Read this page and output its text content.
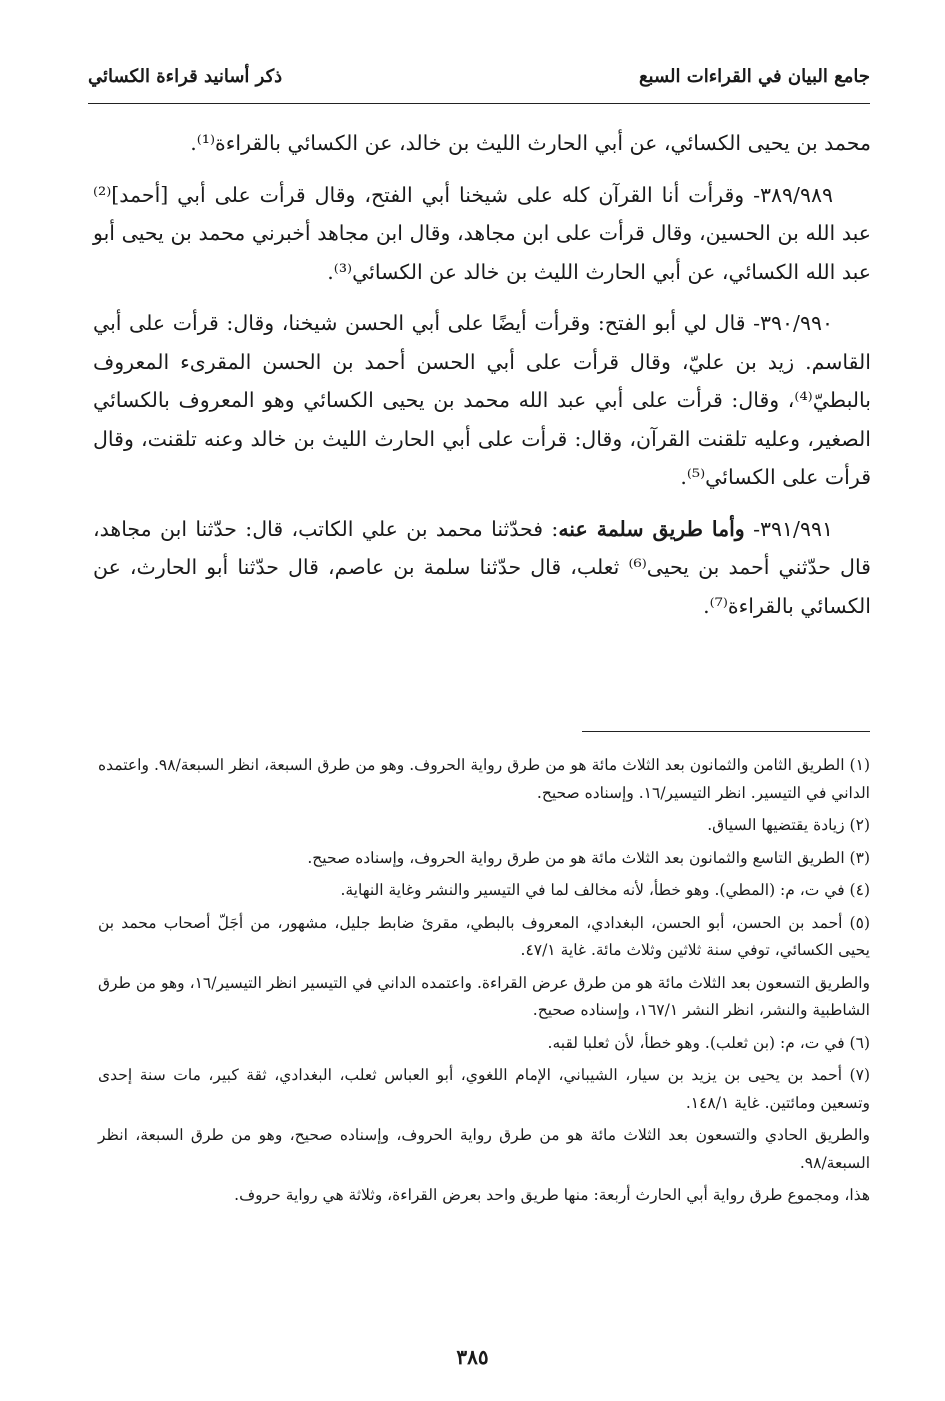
جامع البيان في القراءات السبع
ذكر أسانيد قراءة الكسائي

محمد بن يحيى الكسائي، عن أبي الحارث الليث بن خالد، عن الكسائي بالقراءة⁽¹⁾.

٣٨٩/٩٨٩- وقرأت أنا القرآن كله على شيخنا أبي الفتح، وقال قرأت على أبي [أحمد]⁽²⁾ عبد الله بن الحسين، وقال قرأت على ابن مجاهد، وقال ابن مجاهد أخبرني محمد بن يحيى أبو عبد الله الكسائي، عن أبي الحارث الليث بن خالد عن الكسائي⁽³⁾.

٣٩٠/٩٩٠- قال لي أبو الفتح: وقرأت أيضًا على أبي الحسن شيخنا، وقال: قرأت على أبي القاسم. زيد بن عليّ، وقال قرأت على أبي الحسن أحمد بن الحسن المقرىء المعروف بالبطيّ⁽⁴⁾، وقال: قرأت على أبي عبد الله محمد بن يحيى الكسائي وهو المعروف بالكسائي الصغير، وعليه تلقنت القرآن، وقال: قرأت على أبي الحارث الليث بن خالد وعنه تلقنت، وقال قرأت على الكسائي⁽⁵⁾.

٣٩١/٩٩١- وأما طريق سلمة عنه: فحدّثنا محمد بن علي الكاتب، قال: حدّثنا ابن مجاهد، قال حدّثني أحمد بن يحيى⁽⁶⁾ ثعلب، قال حدّثنا سلمة بن عاصم، قال حدّثنا أبو الحارث، عن الكسائي بالقراءة⁽⁷⁾.

(١) الطريق الثامن والثمانون بعد الثلاث مائة هو من طرق رواية الحروف. وهو من طرق السبعة، انظر السبعة/٩٨. واعتمده الداني في التيسير. انظر التيسير/١٦. وإسناده صحيح.
(٢) زيادة يقتضيها السياق.
(٣) الطريق التاسع والثمانون بعد الثلاث مائة هو من طرق رواية الحروف، وإسناده صحيح.
(٤) في ت، م: (المطي). وهو خطأ، لأنه مخالف لما في التيسير والنشر وغاية النهاية.
(٥) أحمد بن الحسن، أبو الحسن، البغدادي، المعروف بالبطي، مقرئ ضابط جليل، مشهور، من أجَلّ أصحاب محمد بن يحيى الكسائي، توفي سنة ثلاثين وثلاث مائة. غاية ٤٧/١.
والطريق التسعون بعد الثلاث مائة هو من طرق عرض القراءة. واعتمده الداني في التيسير انظر التيسير/١٦، وهو من طرق الشاطبية والنشر، انظر النشر ١٦٧/١، وإسناده صحيح.
(٦) في ت، م: (بن ثعلب). وهو خطأ، لأن ثعلبا لقبه.
(٧) أحمد بن يحيى بن يزيد بن سيار، الشيباني، الإمام اللغوي، أبو العباس ثعلب، البغدادي، ثقة كبير، مات سنة إحدى وتسعين ومائتين. غاية ١٤٨/١.
والطريق الحادي والتسعون بعد الثلاث مائة هو من طرق رواية الحروف، وإسناده صحيح، وهو من طرق السبعة، انظر السبعة/٩٨.
هذا، ومجموع طرق رواية أبي الحارث أربعة: منها طريق واحد بعرض القراءة، وثلاثة هي رواية حروف.
٣٨٥
